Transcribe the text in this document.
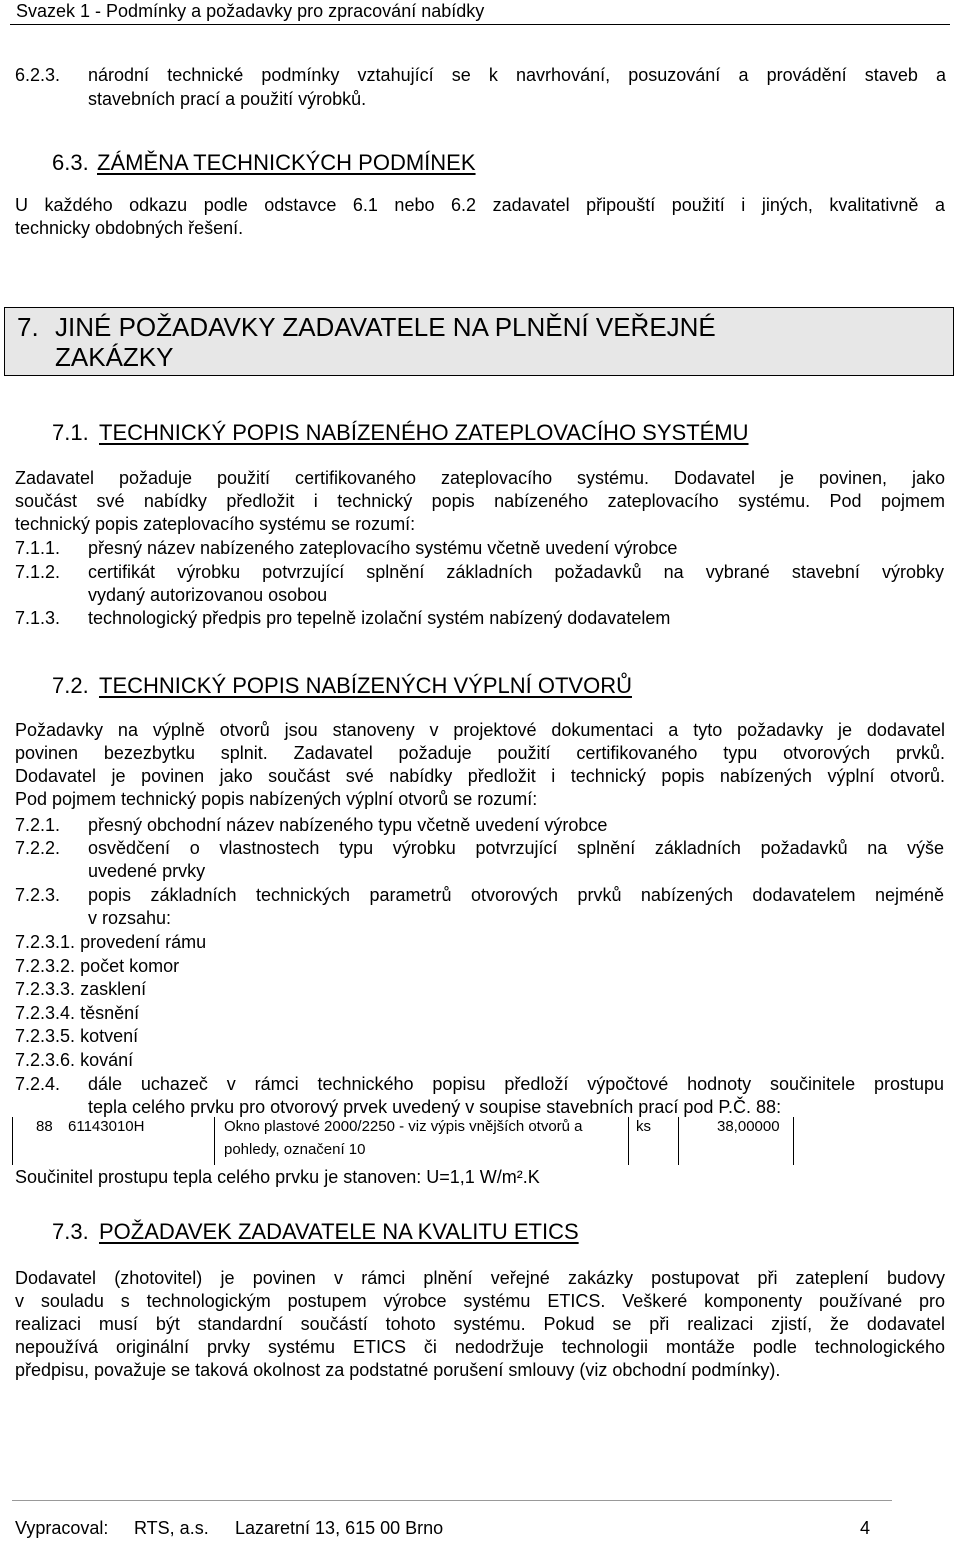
Svazek 1 - Podmínky a požadavky pro zpracování nabídky
6.2.3. národní technické podmínky vztahující se k navrhování, posuzování a provádění staveb a
stavebních prací a použití výrobků.
6.3. ZÁMĚNA TECHNICKÝCH PODMÍNEK
U každého odkazu podle odstavce 6.1 nebo 6.2 zadavatel připouští použití i jiných, kvalitativně a
technicky obdobných řešení.
7. JINÉ POŽADAVKY ZADAVATELE NA PLNĚNÍ VEŘEJNÉ
ZAKÁZKY
7.1. TECHNICKÝ POPIS NABÍZENÉHO ZATEPLOVACÍHO SYSTÉMU
Zadavatel požaduje použití certifikovaného zateplovacího systému. Dodavatel je povinen, jako
součást své nabídky předložit i technický popis nabízeného zateplovacího systému. Pod pojmem
technický popis zateplovacího systému se rozumí:
7.1.1. přesný název nabízeného zateplovacího systému včetně uvedení výrobce
7.1.2. certifikát výrobku potvrzující splnění základních požadavků na vybrané stavební výrobky
vydaný autorizovanou osobou
7.1.3. technologický předpis pro tepelně izolační systém nabízený dodavatelem
7.2. TECHNICKÝ POPIS NABÍZENÝCH VÝPLNÍ OTVORŮ
Požadavky na výplně otvorů jsou stanoveny v projektové dokumentaci a tyto požadavky je dodavatel
povinen bezezbytku splnit. Zadavatel požaduje použití certifikovaného typu otvorových prvků.
Dodavatel je povinen jako součást své nabídky předložit i technický popis nabízených výplní otvorů.
Pod pojmem technický popis nabízených výplní otvorů se rozumí:
7.2.1. přesný obchodní název nabízeného typu včetně uvedení výrobce
7.2.2. osvědčení o vlastnostech typu výrobku potvrzující splnění základních požadavků na výše
uvedené prvky
7.2.3. popis základních technických parametrů otvorových prvků nabízených dodavatelem nejméně
v rozsahu:
7.2.3.1. provedení rámu
7.2.3.2. počet komor
7.2.3.3. zasklení
7.2.3.4. těsnění
7.2.3.5. kotvení
7.2.3.6. kování
7.2.4. dále uchazeč v rámci technického popisu předloží výpočtové hodnoty součinitele prostupu
tepla celého prvku pro otvorový prvek uvedený v soupise stavebních prací pod P.Č. 88:
88 61143010H	Okno plastové 2000/2250 - viz výpis vnějších otvorů a
pohledy, označení 10
ks	38,00000
Součinitel prostupu tepla celého prvku je stanoven: U=1,1 W/m².K
7.3. POŽADAVEK ZADAVATELE NA KVALITU ETICS
Dodavatel (zhotovitel) je povinen v rámci plnění veřejné zakázky postupovat při zateplení budovy
v souladu s technologickým postupem výrobce systému ETICS. Veškeré komponenty používané pro
realizaci musí být standardní součástí tohoto systému. Pokud se při realizaci zjistí, že dodavatel
nepoužívá originální prvky systému ETICS či nedodržuje technologii montáže podle technologického
předpisu, považuje se taková okolnost za podstatné porušení smlouvy (viz obchodní podmínky).
Vypracoval: RTS, a.s. Lazaretní 13, 615 00 Brno	4
